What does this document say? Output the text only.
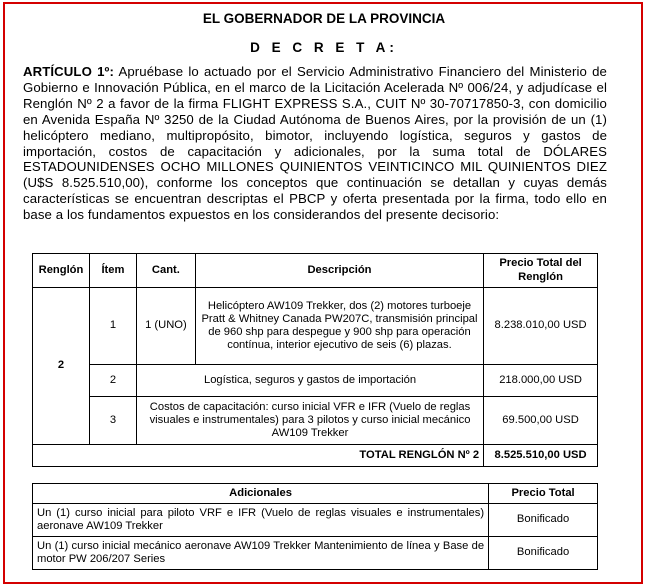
EL GOBERNADOR DE LA PROVINCIA
D E C R E T A:

ARTÍCULO 1º: Apruébase lo actuado por el Servicio Administrativo Financiero del Ministerio de Gobierno e Innovación Pública, en el marco de la Licitación Acelerada Nº 006/24, y adjudícase el Renglón Nº 2 a favor de la firma FLIGHT EXPRESS S.A., CUIT Nº 30-70717850-3, con domicilio en Avenida España Nº 3250 de la Ciudad Autónoma de Buenos Aires, por la provisión de un (1) helicóptero mediano, multipropósito, bimotor, incluyendo logística, seguros y gastos de importación, costos de capacitación y adicionales, por la suma total de DÓLARES ESTADOUNIDENSES OCHO MILLONES QUINIENTOS VEINTICINCO MIL QUINIENTOS DIEZ (U$S 8.525.510,00), conforme los conceptos que continuación se detallan y cuyas demás características se encuentran descriptas el PBCP y oferta presentada por la firma, todo ello en base a los fundamentos expuestos en los considerandos del presente decisorio:

Renglón	Ítem	Cant.	Descripción	Precio Total del Renglón
2	1	1 (UNO)	Helicóptero AW109 Trekker, dos (2) motores turboeje Pratt & Whitney Canada PW207C, transmisión principal de 960 shp para despegue y 900 shp para operación contínua, interior ejecutivo de seis (6) plazas.	8.238.010,00 USD
	2	Logística, seguros y gastos de importación		218.000,00 USD
	3	Costos de capacitación: curso inicial VFR e IFR (Vuelo de reglas visuales e instrumentales) para 3 pilotos y curso inicial mecánico AW109 Trekker		69.500,00 USD
TOTAL RENGLÓN Nº 2				8.525.510,00 USD
Adicionales	Precio Total
Un (1) curso inicial para piloto VRF e IFR (Vuelo de reglas visuales e instrumentales) aeronave AW109 Trekker	Bonificado
Un (1) curso inicial mecánico aeronave AW109 Trekker Mantenimiento de línea y Base de motor PW 206/207 Series	Bonificado
